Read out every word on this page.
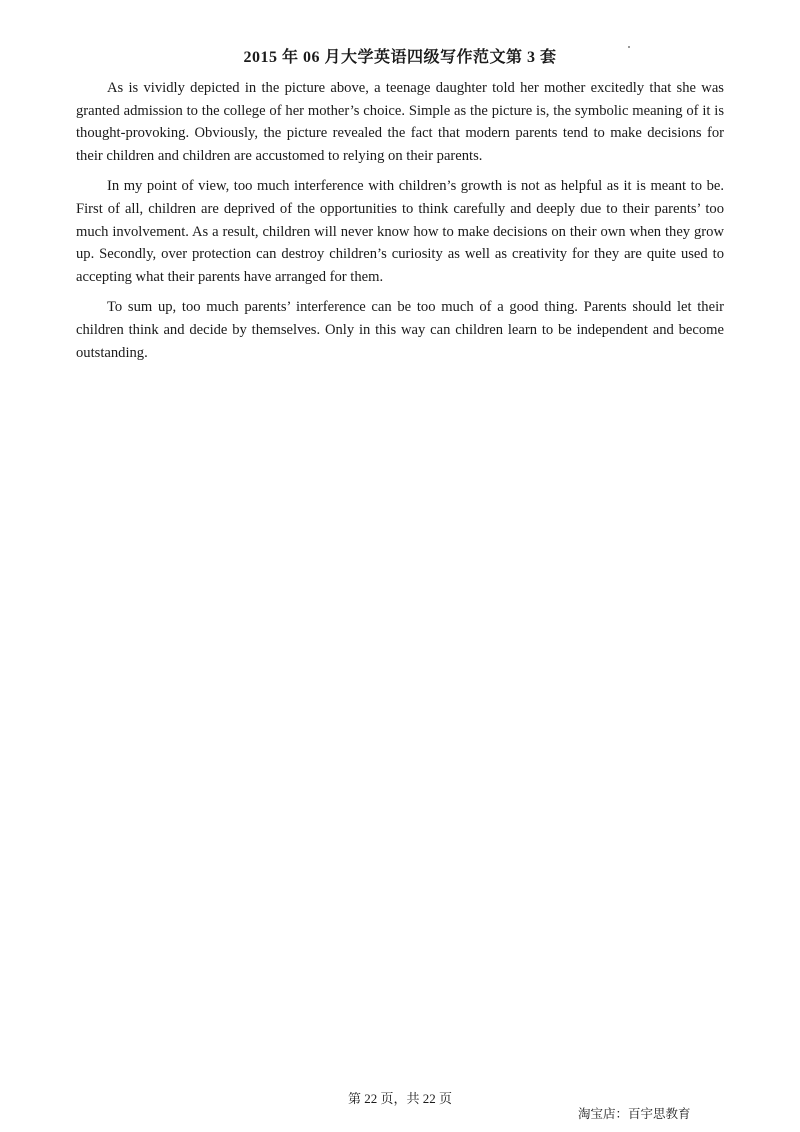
2015 年 06 月大学英语四级写作范文第 3 套

As is vividly depicted in the picture above, a teenage daughter told her mother excitedly that she was granted admission to the college of her mother’s choice. Simple as the picture is, the symbolic meaning of it is thought-provoking. Obviously, the picture revealed the fact that modern parents tend to make decisions for their children and children are accustomed to relying on their parents.

In my point of view, too much interference with children’s growth is not as helpful as it is meant to be. First of all, children are deprived of the opportunities to think carefully and deeply due to their parents’ too much involvement. As a result, children will never know how to make decisions on their own when they grow up. Secondly, over protection can destroy children’s curiosity as well as creativity for they are quite used to accepting what their parents have arranged for them.

To sum up, too much parents’ interference can be too much of a good thing. Parents should let their children think and decide by themselves. Only in this way can children learn to be independent and become outstanding.

第 22 页，共 22 页

淘宝店：百宇思教育
